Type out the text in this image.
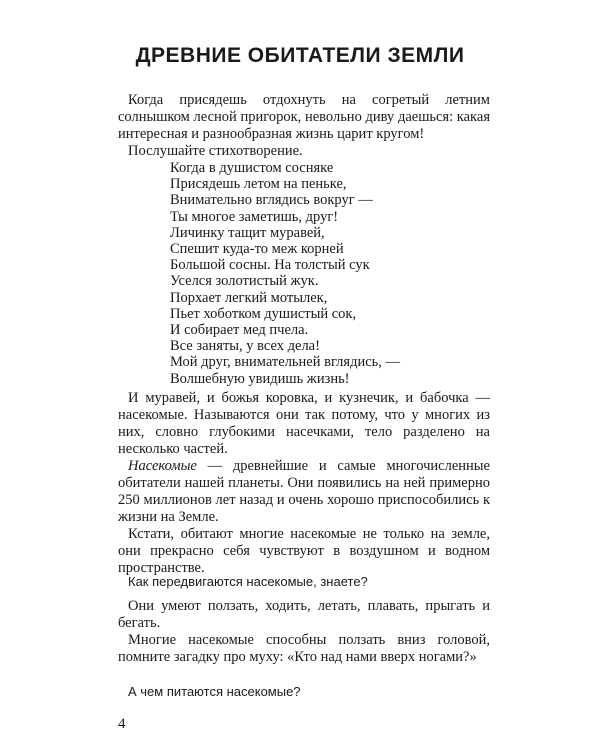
ДРЕВНИЕ ОБИТАТЕЛИ ЗЕМЛИ
Когда присядешь отдохнуть на согретый летним солнышком лесной пригорок, невольно диву даешься: какая интересная и разнообразная жизнь царит кругом!
Послушайте стихотворение.
Когда в душистом сосняке
Присядешь летом на пеньке,
Внимательно вглядись вокруг —
Ты многое заметишь, друг!
Личинку тащит муравей,
Спешит куда-то меж корней
Большой сосны. На толстый сук
Уселся золотистый жук.
Порхает легкий мотылек,
Пьет хоботком душистый сок,
И собирает мед пчела.
Все заняты, у всех дела!
Мой друг, внимательней вглядись, —
Волшебную увидишь жизнь!
И муравей, и божья коровка, и кузнечик, и бабочка — насекомые. Называются они так потому, что у многих из них, словно глубокими насечками, тело разделено на несколько частей.
Насекомые — древнейшие и самые многочисленные обитатели нашей планеты. Они появились на ней примерно 250 миллионов лет назад и очень хорошо приспособились к жизни на Земле.
Кстати, обитают многие насекомые не только на земле, они прекрасно себя чувствуют в воздушном и водном пространстве.
Как передвигаются насекомые, знаете?
Они умеют ползать, ходить, летать, плавать, прыгать и бегать.
Многие насекомые способны ползать вниз головой, помните загадку про муху: «Кто над нами вверх ногами?»
А чем питаются насекомые?
4
